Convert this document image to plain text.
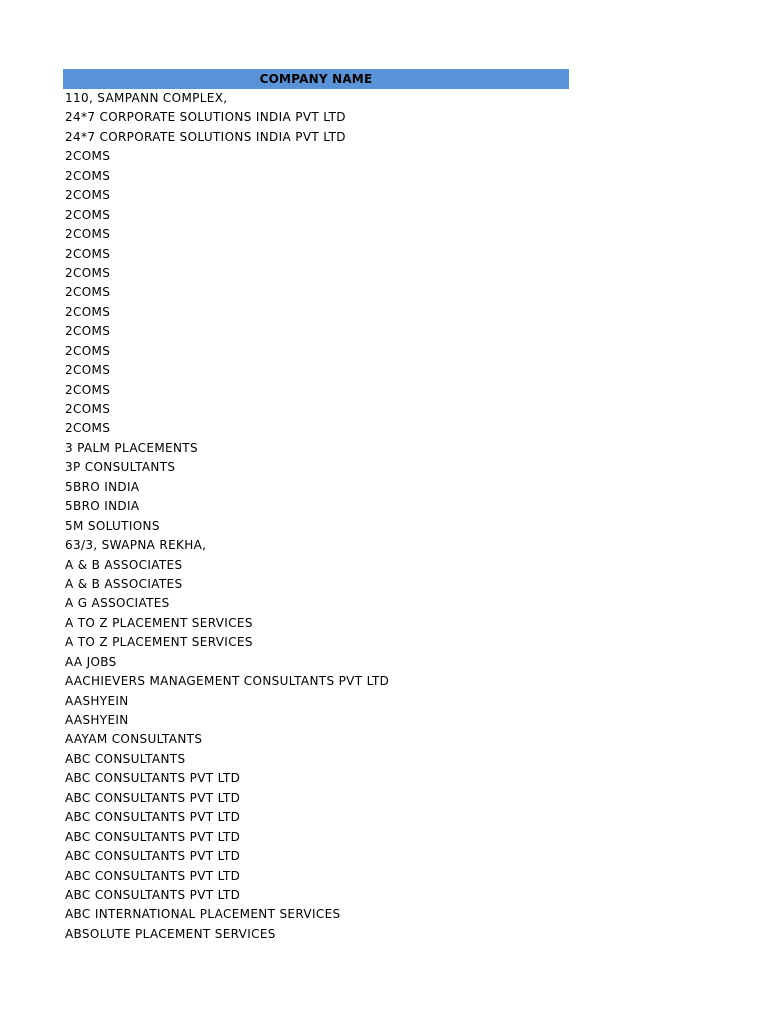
COMPANY NAME
110, SAMPANN COMPLEX,
24*7 CORPORATE SOLUTIONS INDIA PVT LTD
24*7 CORPORATE SOLUTIONS INDIA PVT LTD
2COMS
2COMS
2COMS
2COMS
2COMS
2COMS
2COMS
2COMS
2COMS
2COMS
2COMS
2COMS
2COMS
2COMS
2COMS
3 PALM PLACEMENTS
3P CONSULTANTS
5BRO INDIA
5BRO INDIA
5M SOLUTIONS
63/3, SWAPNA REKHA,
A & B ASSOCIATES
A & B ASSOCIATES
A G ASSOCIATES
A TO Z PLACEMENT SERVICES
A TO Z PLACEMENT SERVICES
AA JOBS
AACHIEVERS MANAGEMENT CONSULTANTS PVT LTD
AASHYEIN
AASHYEIN
AAYAM CONSULTANTS
ABC CONSULTANTS
ABC CONSULTANTS PVT LTD
ABC CONSULTANTS PVT LTD
ABC CONSULTANTS PVT LTD
ABC CONSULTANTS PVT LTD
ABC CONSULTANTS PVT LTD
ABC CONSULTANTS PVT LTD
ABC CONSULTANTS PVT LTD
ABC INTERNATIONAL PLACEMENT SERVICES
ABSOLUTE PLACEMENT SERVICES
